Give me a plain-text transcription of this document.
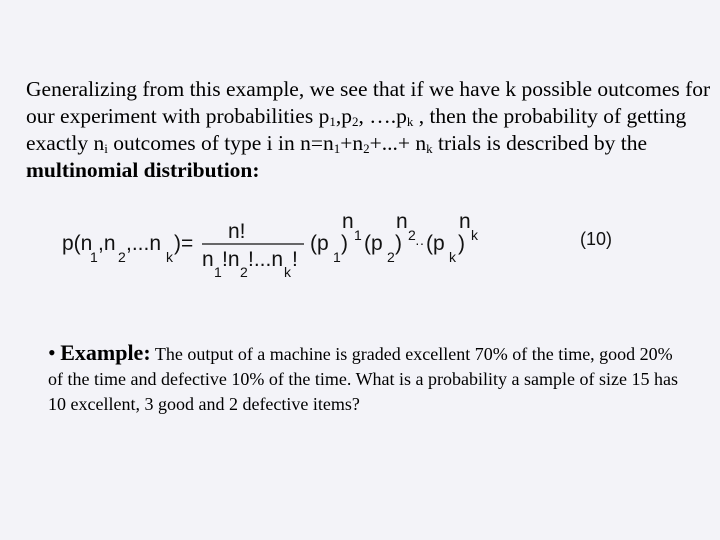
Generalizing from this example, we see that if we have k possible outcomes for our experiment with probabilities $p_1,p_2$, $\dots.p_k$ , then the probability of getting exactly $n_i$ outcomes of type i in $n=n_1+n_2+...+ n_k$ trials is described by the multinomial distribution:
p(n
1
,n
2
,...n
k
)=
n!
n
1
!n
2
!...n
k
!
(p
1
)
n
1 (p
2
)
n
2 ·· (p
k
)
n
k	(10)
• Example: The output of a machine is graded excellent 70% of the time, good 20% of the time and defective 10% of the time. What is a probability a sample of size 15 has 10 excellent, 3 good and 2 defective items?
